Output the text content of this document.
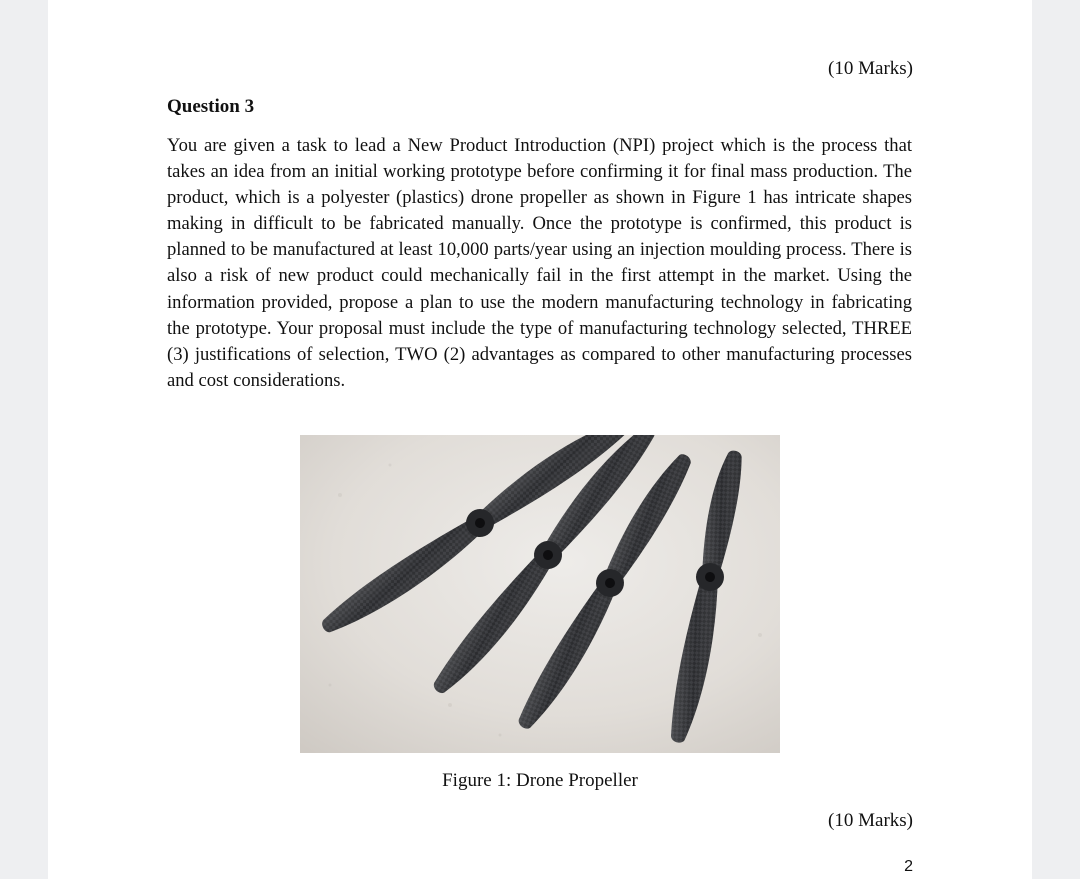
(10 Marks)
Question 3

You are given a task to lead a New Product Introduction (NPI) project which is the process that takes an idea from an initial working prototype before confirming it for final mass production. The product, which is a polyester (plastics) drone propeller as shown in Figure 1 has intricate shapes making in difficult to be fabricated manually. Once the prototype is confirmed, this product is planned to be manufactured at least 10,000 parts/year using an injection moulding process. There is also a risk of new product could mechanically fail in the first attempt in the market. Using the information provided, propose a plan to use the modern manufacturing technology in fabricating the prototype. Your proposal must include the type of manufacturing technology selected, THREE (3) justifications of selection, TWO (2) advantages as compared to other manufacturing processes and cost considerations.

Figure 1: Drone Propeller
(10 Marks)
2
